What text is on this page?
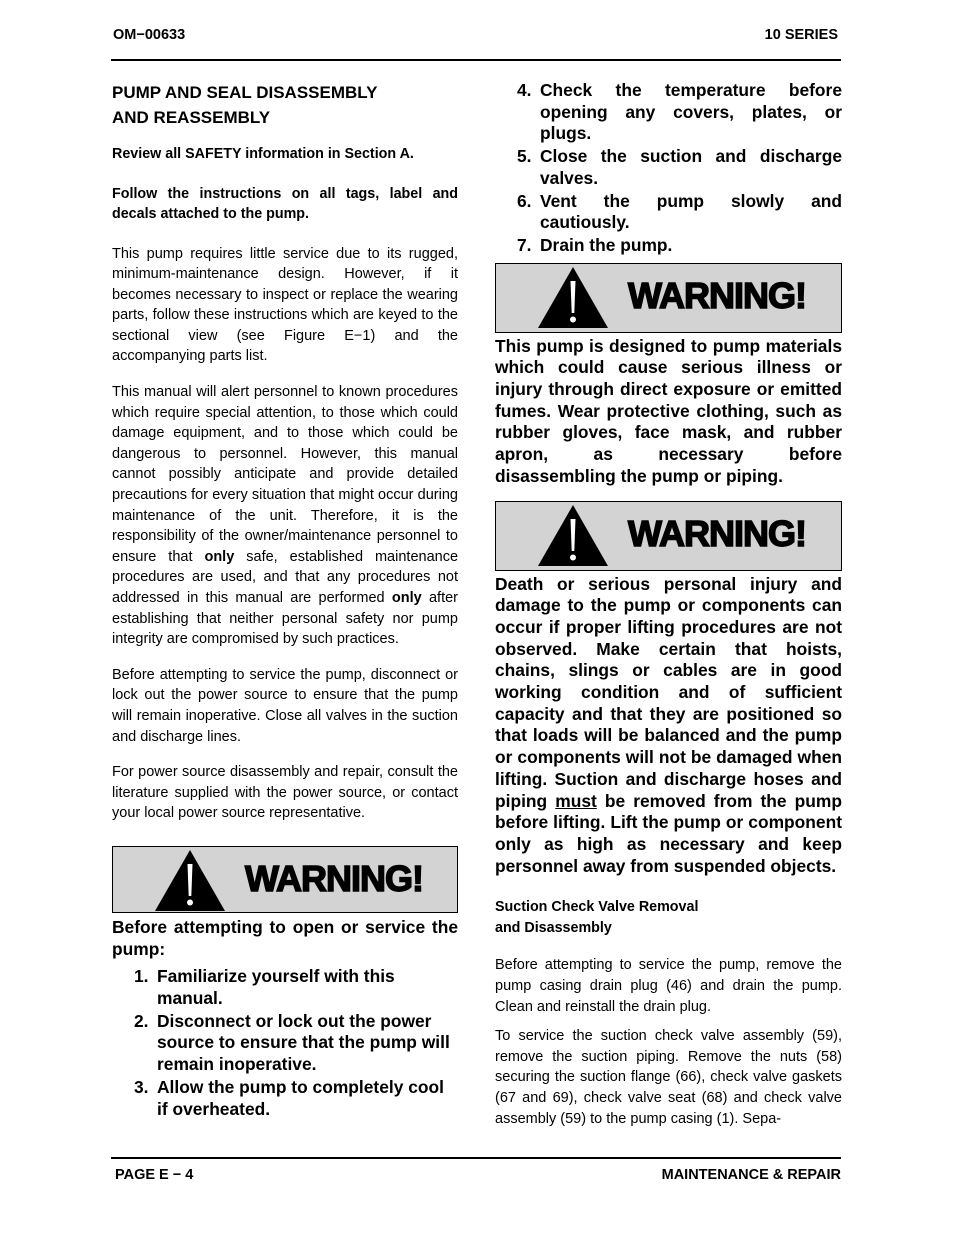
OM−00633	10 SERIES
PUMP AND SEAL DISASSEMBLY
AND REASSEMBLY

Review all SAFETY information in Section A.

Follow the instructions on all tags, label and decals attached to the pump.

This pump requires little service due to its rugged, minimum-maintenance design. However, if it becomes necessary to inspect or replace the wearing parts, follow these instructions which are keyed to the sectional view (see Figure E−1) and the accompanying parts list.

This manual will alert personnel to known procedures which require special attention, to those which could damage equipment, and to those which could be dangerous to personnel. However, this manual cannot possibly anticipate and provide detailed precautions for every situation that might occur during maintenance of the unit. Therefore, it is the responsibility of the owner/maintenance personnel to ensure that only safe, established maintenance procedures are used, and that any procedures not addressed in this manual are performed only after establishing that neither personal safety nor pump integrity are compromised by such practices.

Before attempting to service the pump, disconnect or lock out the power source to ensure that the pump will remain inoperative. Close all valves in the suction and discharge lines.

For power source disassembly and repair, consult the literature supplied with the power source, or contact your local power source representative.

WARNING!

Before attempting to open or service the pump:

1. Familiarize yourself with this manual.
2. Disconnect or lock out the power source to ensure that the pump will remain inoperative.
3. Allow the pump to completely cool if overheated.
4. Check the temperature before opening any covers, plates, or plugs.
5. Close the suction and discharge valves.
6. Vent the pump slowly and cautiously.
7. Drain the pump.
WARNING!

This pump is designed to pump materials which could cause serious illness or injury through direct exposure or emitted fumes. Wear protective clothing, such as rubber gloves, face mask, and rubber apron, as necessary before disassembling the pump or piping.

WARNING!

Death or serious personal injury and damage to the pump or components can occur if proper lifting procedures are not observed. Make certain that hoists, chains, slings or cables are in good working condition and of sufficient capacity and that they are positioned so that loads will be balanced and the pump or components will not be damaged when lifting. Suction and discharge hoses and piping must be removed from the pump before lifting. Lift the pump or component only as high as necessary and keep personnel away from suspended objects.

Suction Check Valve Removal
and Disassembly

Before attempting to service the pump, remove the pump casing drain plug (46) and drain the pump. Clean and reinstall the drain plug.

To service the suction check valve assembly (59), remove the suction piping. Remove the nuts (58) securing the suction flange (66), check valve gaskets (67 and 69), check valve seat (68) and check valve assembly (59) to the pump casing (1). Sepa-

PAGE E − 4	MAINTENANCE & REPAIR
